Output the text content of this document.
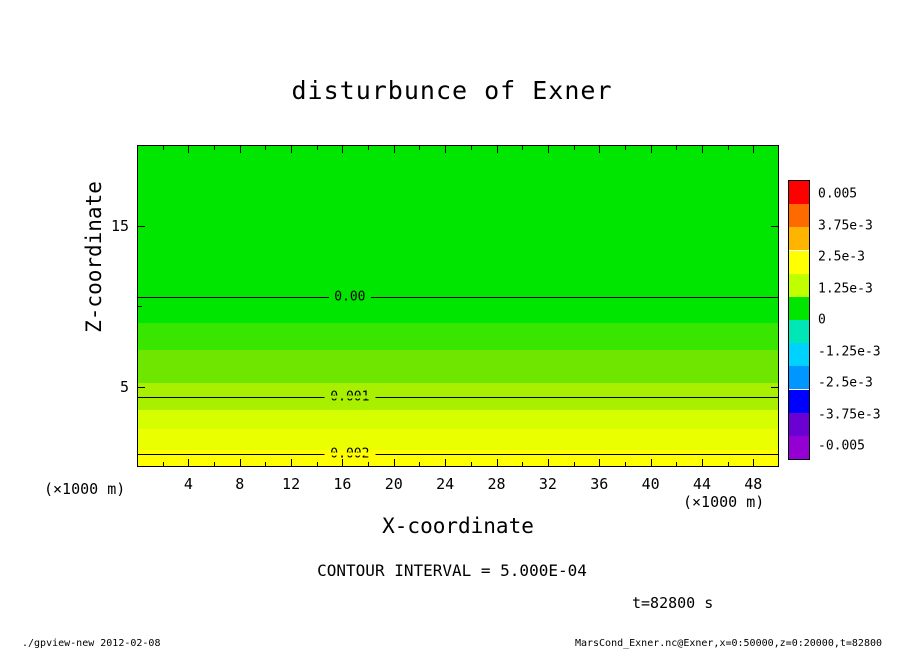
disturbunce of Exner
0.00
4	8	12 16 20 24 28 32 36 40 44 48
5
15
X-coordinate
Z-coordinate
(×1000 m)
(×1000 m)
CONTOUR INTERVAL = 5.000E-04
t=82800 s
0.005
3.75e-3
2.5e-3
1.25e-3
0
-1.25e-3
-2.5e-3
-3.75e-3
-0.005
./gpview-new 2012-02-08	MarsCond_Exner.nc@Exner,x=0:50000,z=0:20000,t=82800
